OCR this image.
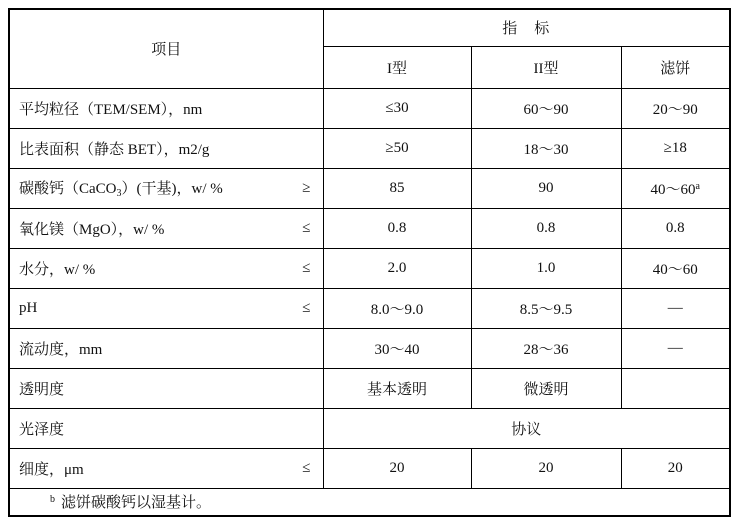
项目	指　标		
	I型	II型	滤饼

平均粒径（TEM/SEM），nm	≤30	60～90	20～90

比表面积（静态 BET），m2/g	≥50	18～30	≥18

碳酸钙（CaCO$_3$）(干基)，w/ % ≥	85	90	40～60$^a$

氧化镁（MgO），w/ % ≤	0.8	0.8	0.8

水分，w/ % ≤	2.0	1.0	40～60

pH ≤	8.0～9.0	8.5～9.5	—

流动度，mm	30～40	28～36	—

透明度	基本透明	微透明	

光泽度	协议		

细度，μm ≤	20	20	20
$^b$ 滤饼碳酸钙以湿基计。			
